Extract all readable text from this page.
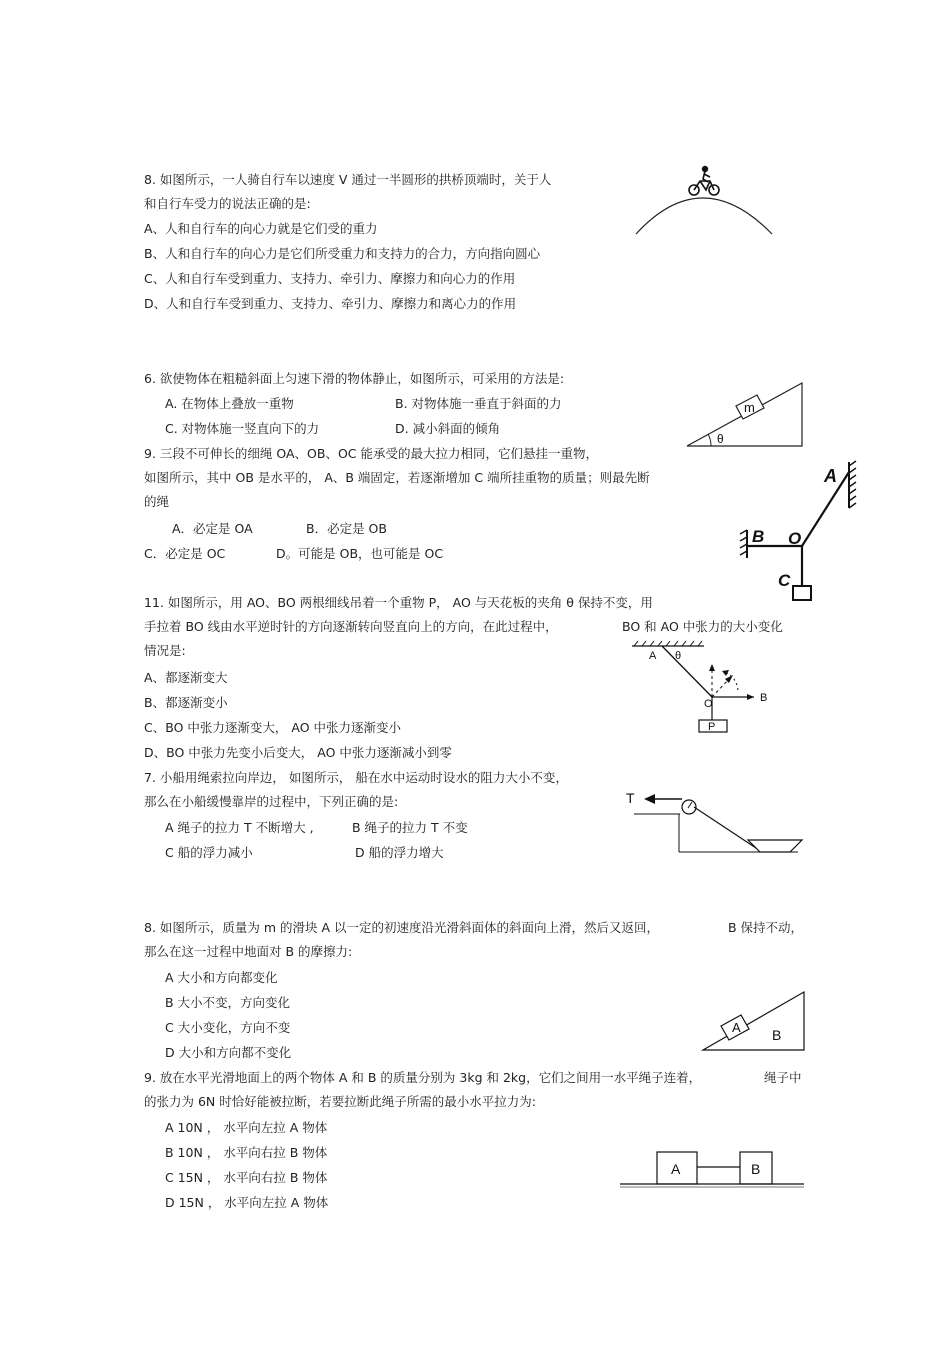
8. 如图所示，一人骑自行车以速度 V 通过一半圆形的拱桥顶端时，关于人
和自行车受力的说法正确的是:
A、人和自行车的向心力就是它们受的重力
B、人和自行车的向心力是它们所受重力和支持力的合力，方向指向圆心
C、人和自行车受到重力、支持力、牵引力、摩擦力和向心力的作用
D、人和自行车受到重力、支持力、牵引力、摩擦力和离心力的作用
6. 欲使物体在粗糙斜面上匀速下滑的物体静止，如图所示，可采用的方法是:
A. 在物体上叠放一重物	B. 对物体施一垂直于斜面的力
C. 对物体施一竖直向下的力	D. 减小斜面的倾角
m
θ
9. 三段不可伸长的细绳 OA、OB、OC 能承受的最大拉力相同，它们悬挂一重物，
如图所示，其中 OB 是水平的， A、B 端固定，若逐渐增加 C 端所挂重物的质量；则最先断
的绳
A．必定是 OA	B．必定是 OB
C．必定是 OC	D。可能是 OB，也可能是 OC
A
B O
C
11. 如图所示，用 AO、BO 两根细线吊着一个重物 P， AO 与天花板的夹角 θ 保持不变，用
手拉着 BO 线由水平逆时针的方向逐渐转向竖直向上的方向，在此过程中，	BO 和 AO 中张力的大小变化
情况是:
A、都逐渐变大
B、都逐渐变小
C、BO 中张力逐渐变大， AO 中张力逐渐变小
D、BO 中张力先变小后变大， AO 中张力逐渐减小到零
P
A θ
O	B
7. 小船用绳索拉向岸边， 如图所示， 船在水中运动时设水的阻力大小不变，
那么在小船缓慢靠岸的过程中，下列正确的是:
A 绳子的拉力 T 不断增大 ,	B 绳子的拉力 T 不变
C 船的浮力减小	D 船的浮力增大
T
8. 如图所示，质量为 m 的滑块 A 以一定的初速度沿光滑斜面体的斜面向上滑，然后又返回，	B 保持不动，
那么在这一过程中地面对 B 的摩擦力:
A 大小和方向都变化
B 大小不变，方向变化
C 大小变化，方向不变
D 大小和方向都不变化
A B
9. 放在水平光滑地面上的两个物体 A 和 B 的质量分别为 3kg 和 2kg，它们之间用一水平绳子连着，	绳子中
的张力为 6N 时恰好能被拉断，若要拉断此绳子所需的最小水平拉力为:
A 10N ， 水平向左拉 A 物体
B 10N ， 水平向右拉 B 物体
C 15N ， 水平向右拉 B 物体
D 15N ， 水平向左拉 A 物体
A	B
